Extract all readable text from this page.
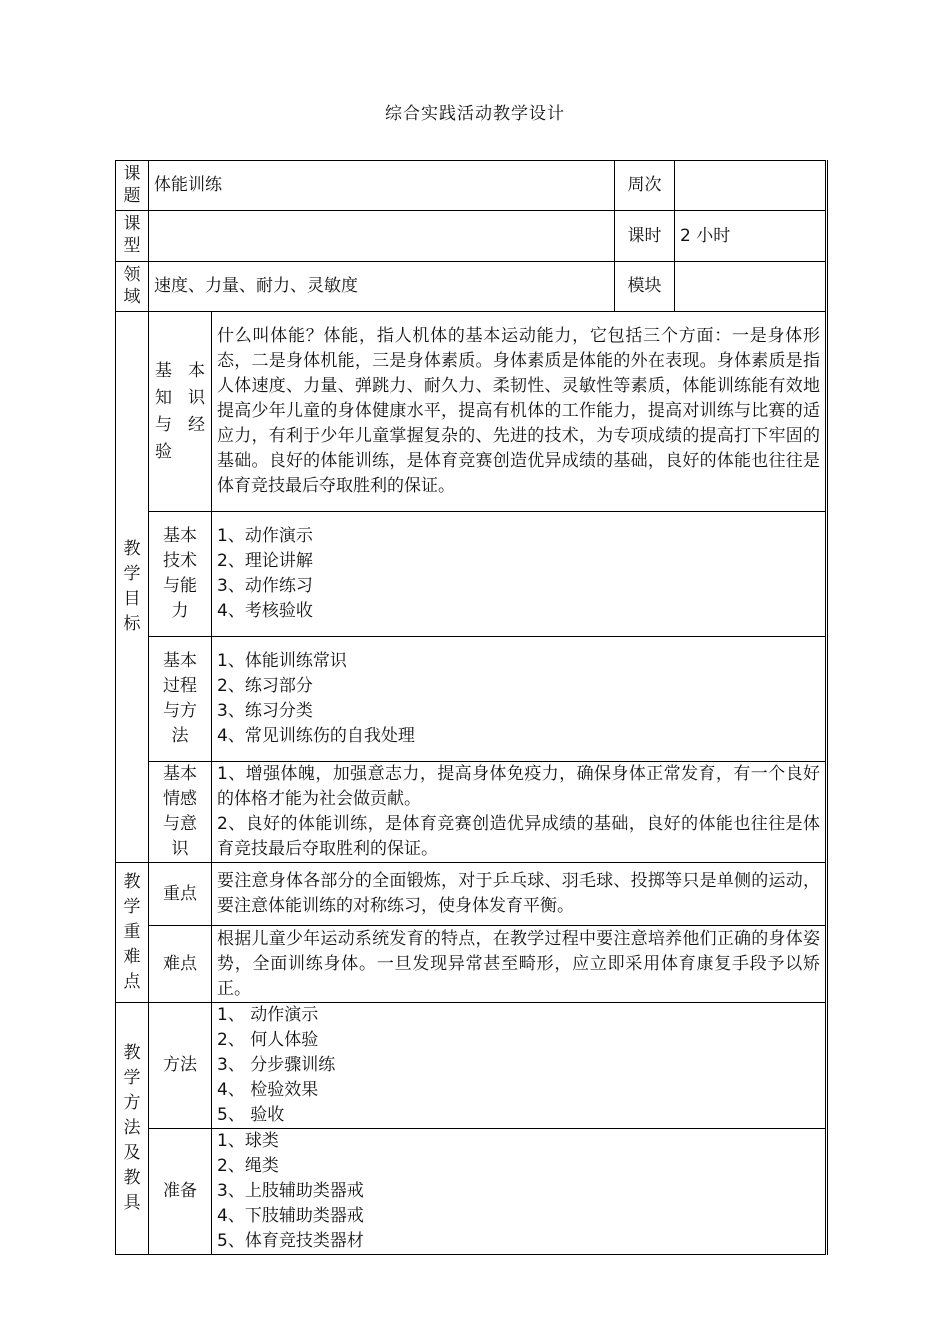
综合实践活动教学设计
课题	体能训练		周次	
课型			课时	2 小时
领域	速度、力量、耐力、灵敏度		模块	
教学目标	基 本 知 识 与 经 验	什么叫体能？体能，指人机体的基本运动能力，它包括三个方面：一是身体形态，二是身体机能，三是身体素质。身体素质是体能的外在表现。身体素质是指人体速度、力量、弹跳力、耐久力、柔韧性、灵敏性等素质，体能训练能有效地提高少年儿童的身体健康水平，提高有机体的工作能力，提高对训练与比赛的适应力，有利于少年儿童掌握复杂的、先进的技术，为专项成绩的提高打下牢固的基础。良好的体能训练，是体育竞赛创造优异成绩的基础，良好的体能也往往是体育竞技最后夺取胜利的保证。		
	基本技术与能力	1、动作演示
2、理论讲解
3、动作练习
4、考核验收		

	基本过程与方法	1、体能训练常识
2、练习部分
3、练习分类
4、常见训练伤的自我处理		

	基本情感与意识	1、增强体魄，加强意志力，提高身体免疫力，确保身体正常发育，有一个良好的体格才能为社会做贡献。
2、良好的体能训练，是体育竞赛创造优异成绩的基础，良好的体能也往往是体育竞技最后夺取胜利的保证。		

教学重难点	重点	要注意身体各部分的全面锻炼，对于乒乓球、羽毛球、投掷等只是单侧的运动，要注意体能训练的对称练习，使身体发育平衡。		
	难点	根据儿童少年运动系统发育的特点，在教学过程中要注意培养他们正确的身体姿势，全面训练身体。一旦发现异常甚至畸形，应立即采用体育康复手段予以矫正。		
教学方法及教具	方法	1、 动作演示
2、 何人体验
3、 分步骤训练
4、 检验效果
5、 验收		

	准备	1、球类
2、绳类
3、上肢辅助类器戒
4、下肢辅助类器戒
5、体育竞技类器材		
